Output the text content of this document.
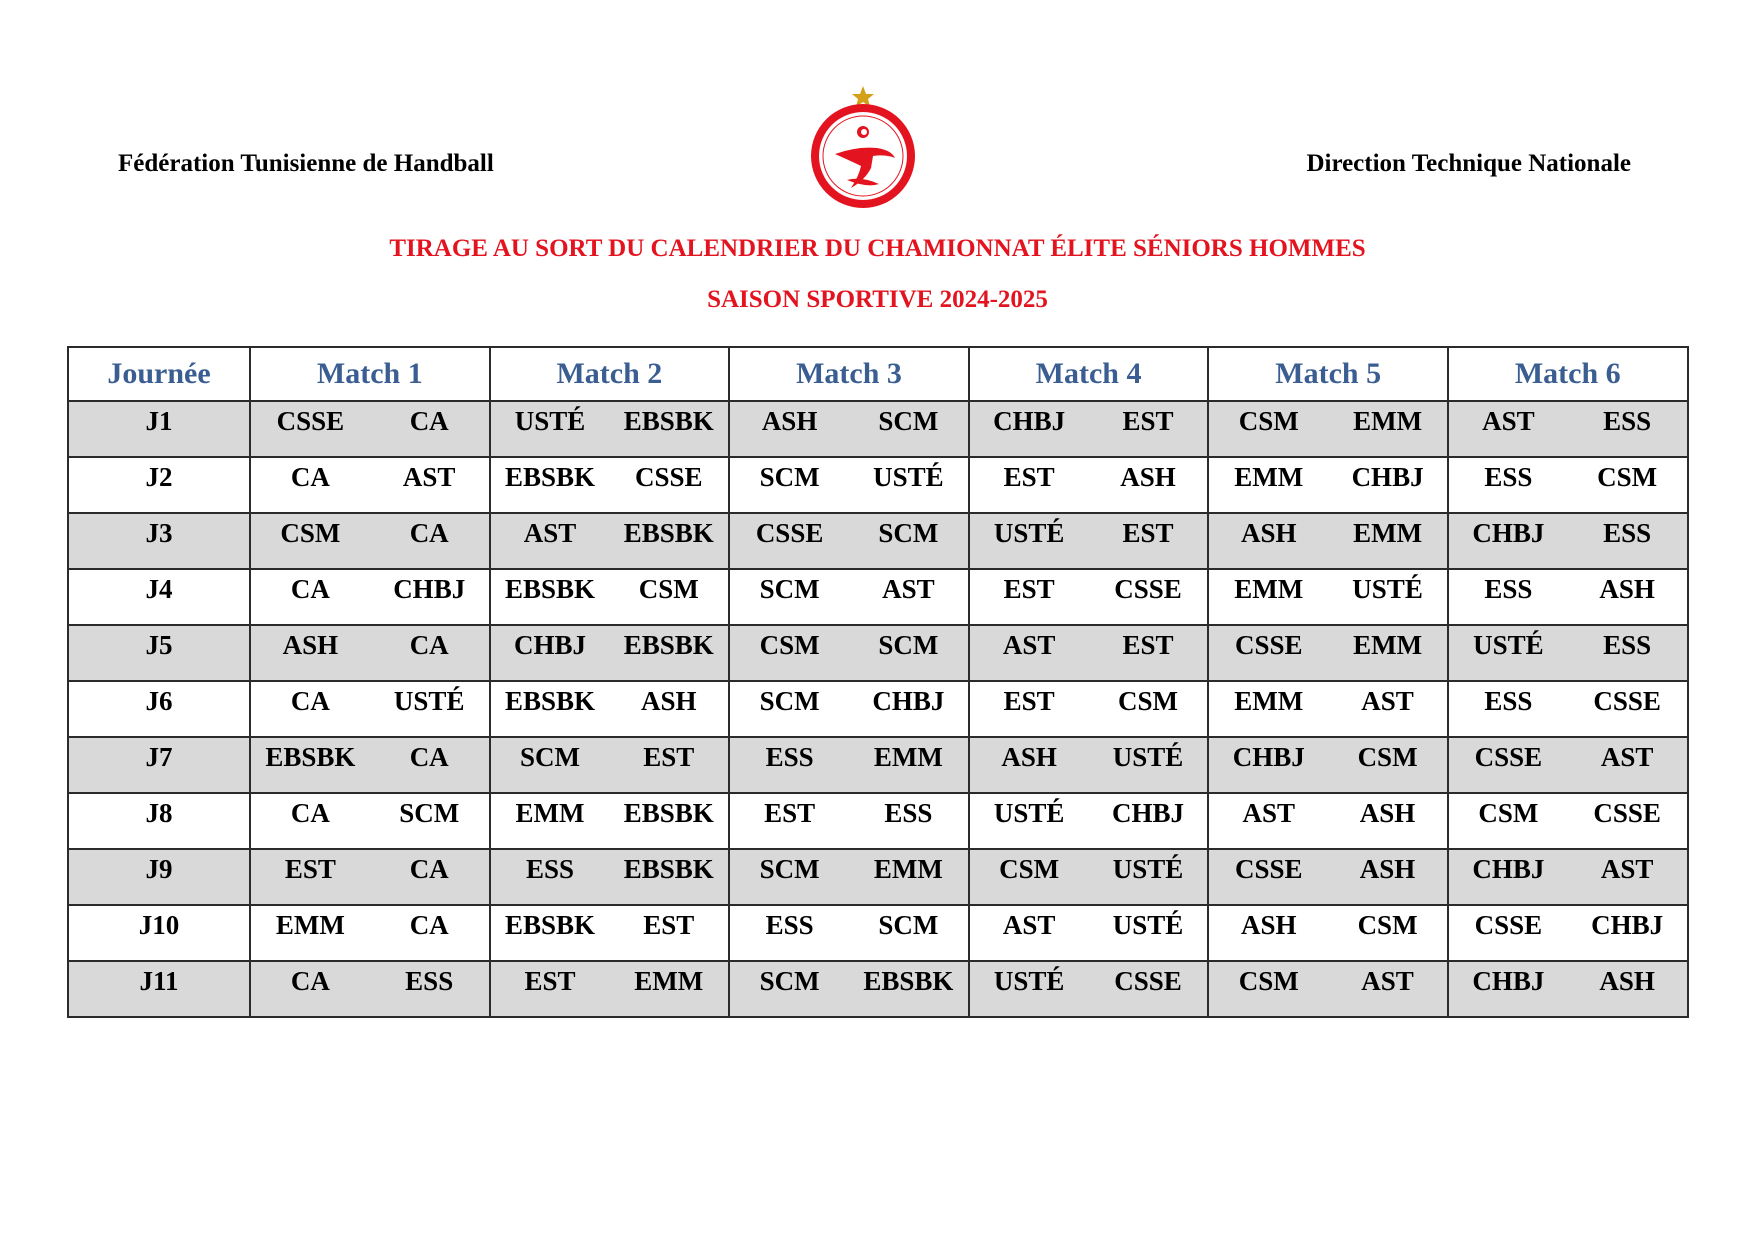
Fédération Tunisienne de Handball	Direction Technique Nationale
TIRAGE AU SORT DU CALENDRIER DU CHAMIONNAT ÉLITE SÉNIORS HOMMES
SAISON SPORTIVE 2024-2025
Journée	Match 1		Match 2		Match 3		Match 4		Match 5		Match 6	
J1	CSSE	CA	USTÉ	EBSBK	ASH	SCM	CHBJ	EST	CSM	EMM	AST	ESS
J2	CA	AST	EBSBK	CSSE	SCM	USTÉ	EST	ASH	EMM	CHBJ	ESS	CSM
J3	CSM	CA	AST	EBSBK	CSSE	SCM	USTÉ	EST	ASH	EMM	CHBJ	ESS
J4	CA	CHBJ	EBSBK	CSM	SCM	AST	EST	CSSE	EMM	USTÉ	ESS	ASH
J5	ASH	CA	CHBJ	EBSBK	CSM	SCM	AST	EST	CSSE	EMM	USTÉ	ESS
J6	CA	USTÉ	EBSBK	ASH	SCM	CHBJ	EST	CSM	EMM	AST	ESS	CSSE
J7	EBSBK	CA	SCM	EST	ESS	EMM	ASH	USTÉ	CHBJ	CSM	CSSE	AST
J8	CA	SCM	EMM	EBSBK	EST	ESS	USTÉ	CHBJ	AST	ASH	CSM	CSSE
J9	EST	CA	ESS	EBSBK	SCM	EMM	CSM	USTÉ	CSSE	ASH	CHBJ	AST
J10	EMM	CA	EBSBK	EST	ESS	SCM	AST	USTÉ	ASH	CSM	CSSE	CHBJ
J11	CA	ESS	EST	EMM	SCM	EBSBK	USTÉ	CSSE	CSM	AST	CHBJ	ASH
